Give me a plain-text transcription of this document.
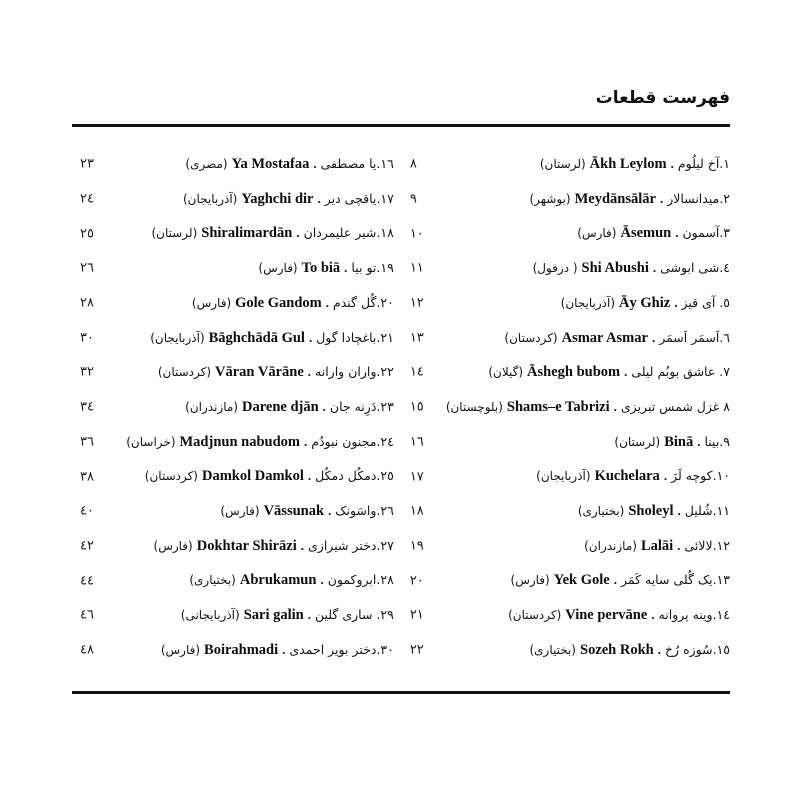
فهرست قطعات
٢٣	١٦.یا مصطفی.Ya Mostafaa(مصری)
٢٤	١٧.یاقچی دیر.Yaghchi dir(آذربایجان)
٢٥	١٨.شیر علیمردان.Shiralimardān(لرستان)
٢٦	١٩.تو بیا.To biā(فارس)
٢٨	٢٠.گُل گندم.Gole Gandom(فارس)
٣٠	٢١.باغچادا گول.Bāghchādā Gul(آذربایجان)
٣٢	٢٢.واران وارانه.Vāran Vārāne(کردستان)
٣٤	٢٣.دَرِنه جان.Darene djān(مازندران)
٣٦	٢٤.مجنون نبودُم.Madjnun nabudom(خراسان)
٣٨	٢٥.دمکُل دمکُل.Damkol Damkol(کردستان)
٤٠	٢٦.واسَونک.Vāssunak(فارس)
٤٢	٢٧.دختر شیرازی.Dokhtar Shirāzi(فارس)
٤٤	٢٨.ابروکمون.Abrukamun(بختیاری)
٤٦	٢٩. ساری گلین.Sari galin(آذربایجانی)
٤٨	٣٠.دختر بویر احمدی.Boirahmadi(فارس)
٨	١.آخ لیلُوم.Ākh Leylom(لرستان)
٩	٢.میدانسالار.Meydānsālār(بوشهر)
١٠	٣.آسمون.Āsemun(فارس)
١١	٤.شی ابوشی.Shi Abushi( دزفول)
١٢	٥. آی قیز.Āy Ghiz(آذربایجان)
١٣	٦.اَسمَر اَسمَر.Asmar Asmar(کردستان)
١٤	٧. عاشق بوبُم لیلی.Āshegh bubom(گیلان)
١٥	٨ غزل شمس تبریزی.Shams–e Tabrizi(بلوچستان)
١٦	٩.بینا.Binā(لرستان)
١٧	١٠.کوچه لَرَ.Kuchelara(آذربایجان)
١٨	١١.شُلیل.Sholeyl(بختیاری)
١٩	١٢.لالائی.Lalāi(مازندران)
٢٠	١٣.یک گُلی سایه کَمَر.Yek Gole(فارس)
٢١	١٤.وینه پروانه.Vine pervāne(کردستان)
٢٢	١٥.سُوزه رُخ.Sozeh Rokh(بختیاری)
